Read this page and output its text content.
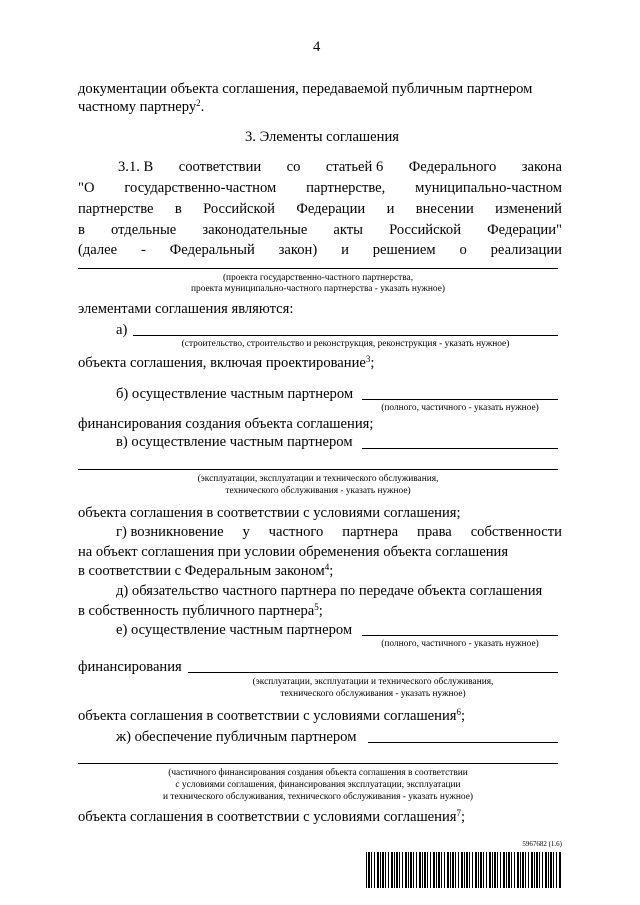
4
документации объекта соглашения, передаваемой публичным партнером
частному партнеру$^2$.
3. Элементы соглашения
3.1. В соответствии со статьей 6 Федерального закона
"О государственно-частном партнерстве, муниципально-частном
партнерстве в Российской Федерации и внесении изменений
в отдельные законодательные акты Российской Федерации"
(далее - Федеральный закон) и решением о реализации
(проекта государственно-частного партнерства,
проекта муниципально-частного партнерства - указать нужное)
элементами соглашения являются:
а)
(строительство, строительство и реконструкция, реконструкция - указать нужное)
объекта соглашения, включая проектирование$^3$;
б) осуществление частным партнером
(полного, частичного - указать нужное)
финансирования создания объекта соглашения;
в) осуществление частным партнером
(эксплуатации, эксплуатации и технического обслуживания,
технического обслуживания - указать нужное)
объекта соглашения в соответствии с условиями соглашения;
г) возникновение у частного партнера права собственности
на объект соглашения при условии обременения объекта соглашения
в соответствии с Федеральным законом$^4$;
д) обязательство частного партнера по передаче объекта соглашения
в собственность публичного партнера$^5$;
е) осуществление частным партнером
(полного, частичного - указать нужное)
финансирования
(эксплуатации, эксплуатации и технического обслуживания,
технического обслуживания - указать нужное)
объекта соглашения в соответствии с условиями соглашения$^6$;
ж) обеспечение публичным партнером
(частичного финансирования создания объекта соглашения в соответствии
с условиями соглашения, финансирования эксплуатации, эксплуатации
и технического обслуживания, технического обслуживания - указать нужное)
объекта соглашения в соответствии с условиями соглашения$^7$;
5967682 (1.6)
